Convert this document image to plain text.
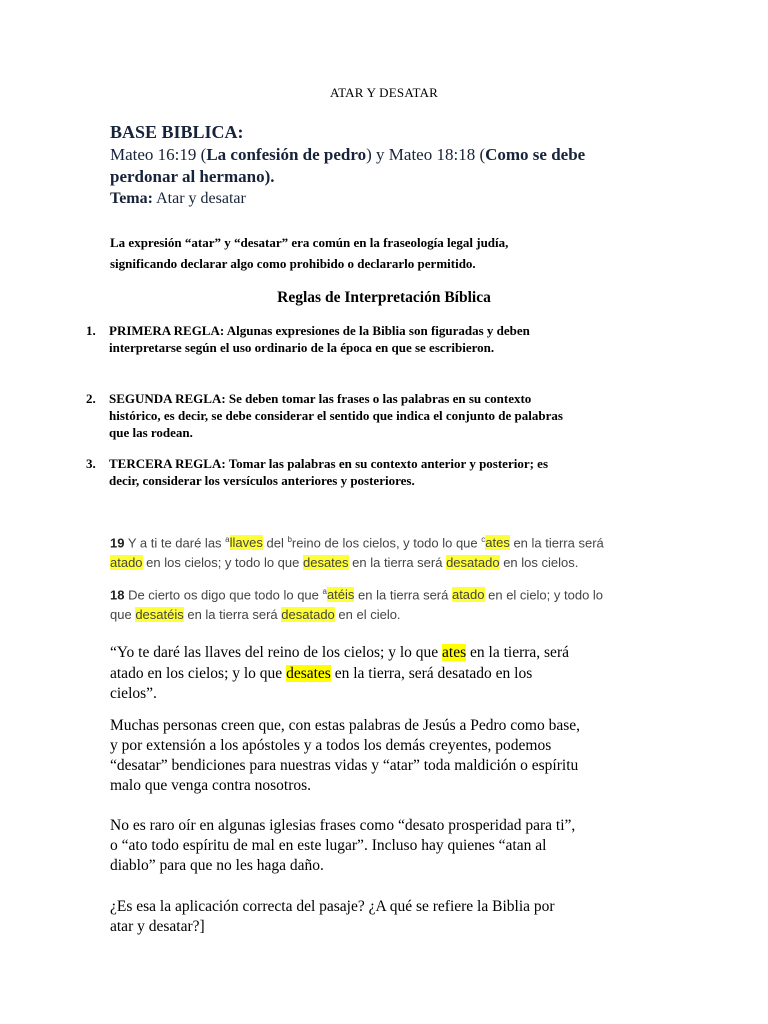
ATAR Y DESATAR
BASE BIBLICA:
Mateo 16:19 (La confesión de pedro) y Mateo 18:18 (Como se debe
perdonar al hermano).
Tema: Atar y desatar
La expresión “atar” y “desatar” era común en la fraseología legal judía,
significando declarar algo como prohibido o declararlo permitido.
Reglas de Interpretación Bíblica
1. PRIMERA REGLA: Algunas expresiones de la Biblia son figuradas y deben
interpretarse según el uso ordinario de la época en que se escribieron.
2. SEGUNDA REGLA: Se deben tomar las frases o las palabras en su contexto
histórico, es decir, se debe considerar el sentido que indica el conjunto de palabras
que las rodean.
3. TERCERA REGLA: Tomar las palabras en su contexto anterior y posterior; es
decir, considerar los versículos anteriores y posteriores.
19 Y a ti te daré las $^a$llaves del $^b$reino de los cielos, y todo lo que $^c$ates en la tierra será
atado en los cielos; y todo lo que desates en la tierra será desatado en los cielos.
18 De cierto os digo que todo lo que $^a$atéis en la tierra será atado en el cielo; y todo lo
que desatéis en la tierra será desatado en el cielo.
“Yo te daré las llaves del reino de los cielos; y lo que ates en la tierra, será
atado en los cielos; y lo que desates en la tierra, será desatado en los
cielos”.
Muchas personas creen que, con estas palabras de Jesús a Pedro como base,
y por extensión a los apóstoles y a todos los demás creyentes, podemos
“desatar” bendiciones para nuestras vidas y “atar” toda maldición o espíritu
malo que venga contra nosotros.
No es raro oír en algunas iglesias frases como “desato prosperidad para ti”,
o “ato todo espíritu de mal en este lugar”. Incluso hay quienes “atan al
diablo” para que no les haga daño.
¿Es esa la aplicación correcta del pasaje? ¿A qué se refiere la Biblia por
atar y desatar?]
